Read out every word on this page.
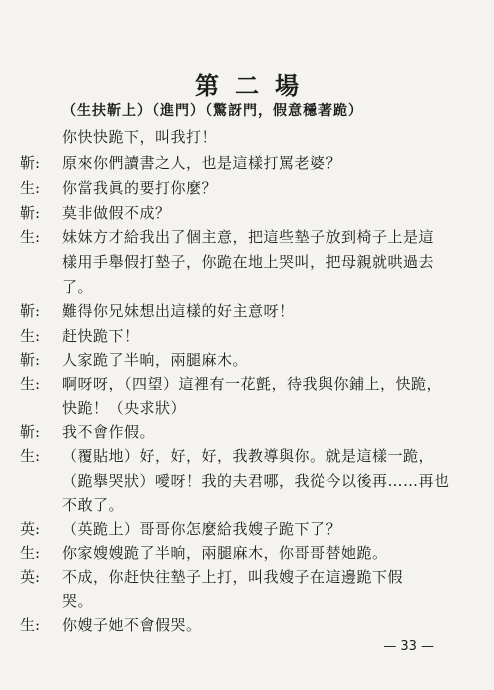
第二場
（生扶靳上）（進門）（驚訝門，假意穩著跪）
你快快跪下，叫我打！
靳:	原來你們讀書之人，也是這樣打罵老婆？
生:	你當我眞的要打你麼？
靳:	莫非做假不成？
生:	妹妹方才給我出了個主意，把這些墊子放到椅子上是這
樣用手舉假打墊子，你跪在地上哭叫，把母親就哄過去
了。
靳:	難得你兄妹想出這樣的好主意呀！
生:	赶快跪下！
靳:	人家跪了半晌，兩腿麻木。
生:	啊呀呀，（四望）這裡有一花氈，待我與你鋪上，快跪，
快跪！（央求狀）
靳:	我不會作假。
生:	（覆貼地）好，好，好，我教導與你。就是這樣一跪，
（跪擧哭狀）噯呀！我的夫君哪，我從今以後再……再也
不敢了。
英:	（英跪上）哥哥你怎麼給我嫂子跪下了？
生:	你家嫂嫂跪了半晌，兩腿麻木，你哥哥替她跪。
英:	不成，你赶快往墊子上打，叫我嫂子在這邊跪下假
哭。
生:	你嫂子她不會假哭。
— 33 —
